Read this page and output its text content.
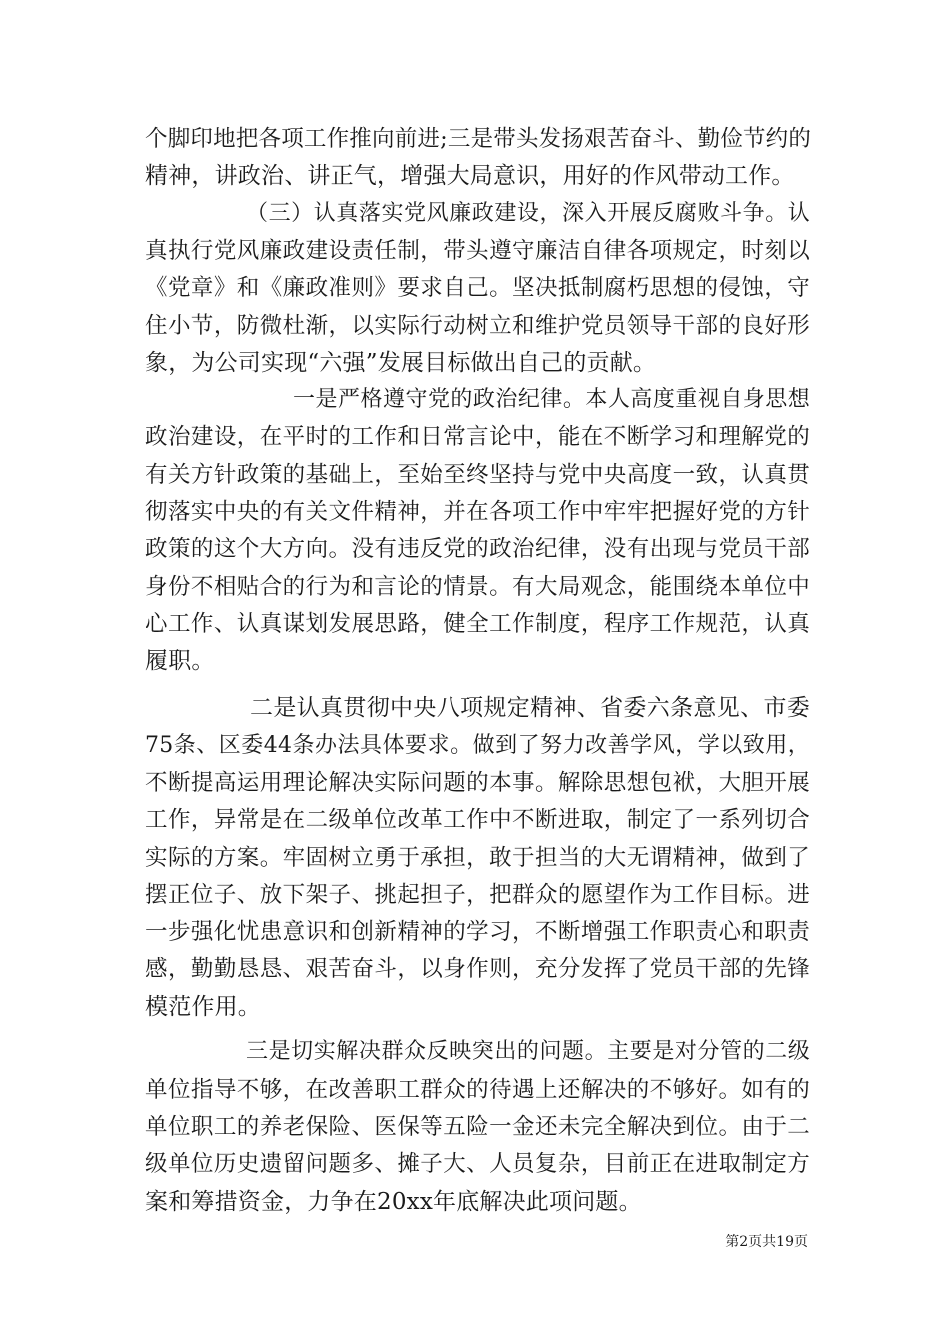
个脚印地把各项工作推向前进;三是带头发扬艰苦奋斗、勤俭节约的
精神，讲政治、讲正气，增强大局意识，用好的作风带动工作。
（三）认真落实党风廉政建设，深入开展反腐败斗争。认
真执行党风廉政建设责任制，带头遵守廉洁自律各项规定，时刻以
《党章》和《廉政准则》要求自己。坚决抵制腐朽思想的侵蚀，守
住小节，防微杜渐，以实际行动树立和维护党员领导干部的良好形
象，为公司实现“六强”发展目标做出自己的贡献。
一是严格遵守党的政治纪律。本人高度重视自身思想
政治建设，在平时的工作和日常言论中，能在不断学习和理解党的
有关方针政策的基础上，至始至终坚持与党中央高度一致，认真贯
彻落实中央的有关文件精神，并在各项工作中牢牢把握好党的方针
政策的这个大方向。没有违反党的政治纪律，没有出现与党员干部
身份不相贴合的行为和言论的情景。有大局观念，能围绕本单位中
心工作、认真谋划发展思路，健全工作制度，程序工作规范，认真
履职。
二是认真贯彻中央八项规定精神、省委六条意见、市委
75条、区委44条办法具体要求。做到了努力改善学风，学以致用，
不断提高运用理论解决实际问题的本事。解除思想包袱，大胆开展
工作，异常是在二级单位改革工作中不断进取，制定了一系列切合
实际的方案。牢固树立勇于承担，敢于担当的大无谓精神，做到了
摆正位子、放下架子、挑起担子，把群众的愿望作为工作目标。进
一步强化忧患意识和创新精神的学习，不断增强工作职责心和职责
感，勤勤恳恳、艰苦奋斗，以身作则，充分发挥了党员干部的先锋
模范作用。
三是切实解决群众反映突出的问题。主要是对分管的二级
单位指导不够，在改善职工群众的待遇上还解决的不够好。如有的
单位职工的养老保险、医保等五险一金还未完全解决到位。由于二
级单位历史遗留问题多、摊子大、人员复杂，目前正在进取制定方
案和筹措资金，力争在20xx年底解决此项问题。
第2页共19页
